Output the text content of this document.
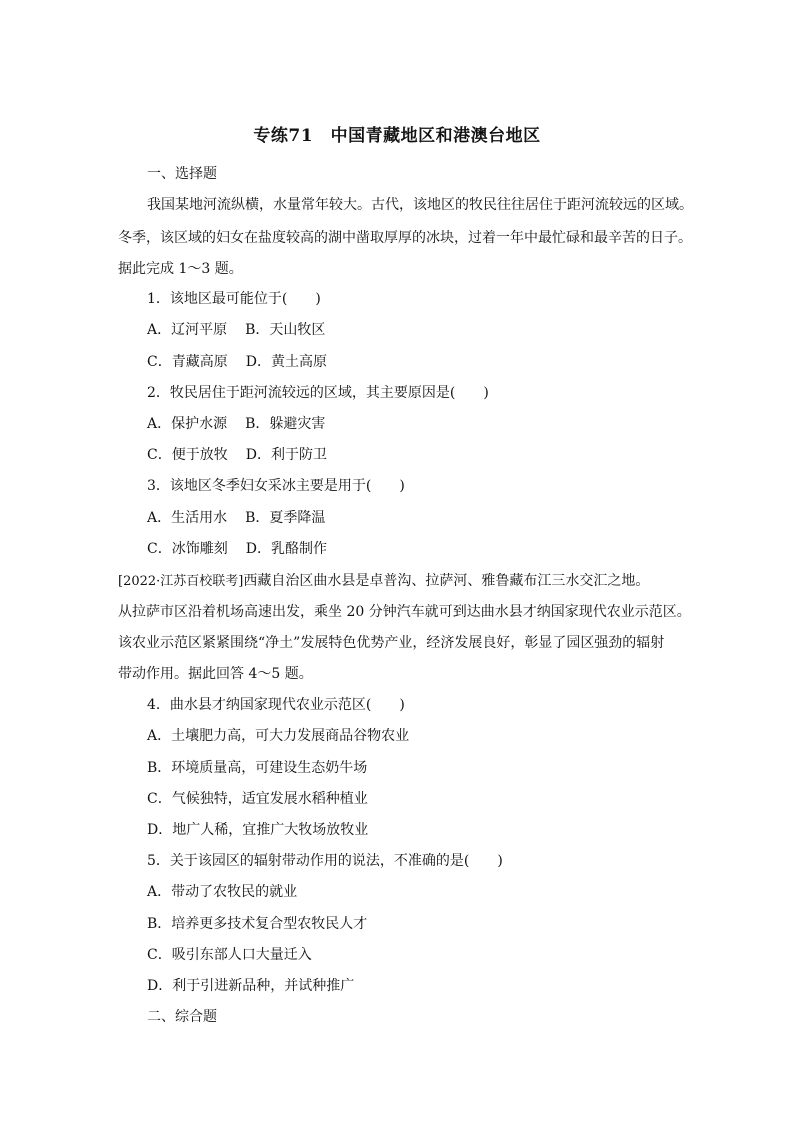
专练71　中国青藏地区和港澳台地区
一、选择题
我国某地河流纵横，水量常年较大。古代，该地区的牧民往往居住于距河流较远的区域。
冬季，该区域的妇女在盐度较高的湖中凿取厚厚的冰块，过着一年中最忙碌和最辛苦的日子。
据此完成 1～3 题。
1．该地区最可能位于(　　)
A．辽河平原 B．天山牧区
C．青藏高原 D．黄土高原
2．牧民居住于距河流较远的区域，其主要原因是(　　)
A．保护水源 B．躲避灾害
C．便于放牧 D．利于防卫
3．该地区冬季妇女采冰主要是用于(　　)
A．生活用水 B．夏季降温
C．冰饰雕刻 D．乳酪制作
[2022·江苏百校联考]西藏自治区曲水县是卓普沟、拉萨河、雅鲁藏布江三水交汇之地。
从拉萨市区沿着机场高速出发，乘坐 20 分钟汽车就可到达曲水县才纳国家现代农业示范区。
该农业示范区紧紧围绕“净土”发展特色优势产业，经济发展良好，彰显了园区强劲的辐射
带动作用。据此回答 4～5 题。
4．曲水县才纳国家现代农业示范区(　　)
A．土壤肥力高，可大力发展商品谷物农业
B．环境质量高，可建设生态奶牛场
C．气候独特，适宜发展水稻种植业
D．地广人稀，宜推广大牧场放牧业
5．关于该园区的辐射带动作用的说法，不准确的是(　　)
A．带动了农牧民的就业
B．培养更多技术复合型农牧民人才
C．吸引东部人口大量迁入
D．利于引进新品种，并试种推广
二、综合题
